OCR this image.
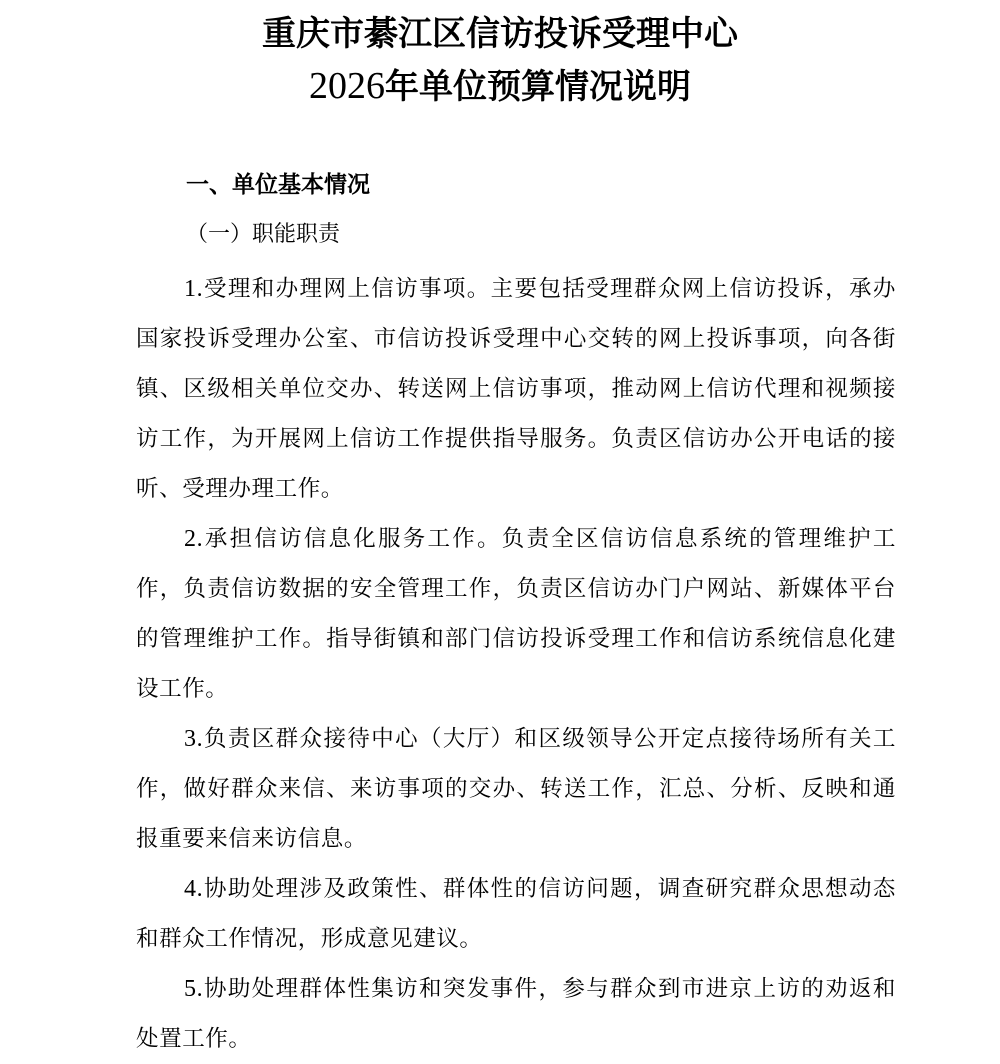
重庆市綦江区信访投诉受理中心
2026年单位预算情况说明
一、单位基本情况
（一）职能职责

1.受理和办理网上信访事项。主要包括受理群众网上信访投诉，承办国家投诉受理办公室、市信访投诉受理中心交转的网上投诉事项，向各街镇、区级相关单位交办、转送网上信访事项，推动网上信访代理和视频接访工作，为开展网上信访工作提供指导服务。负责区信访办公开电话的接听、受理办理工作。

2.承担信访信息化服务工作。负责全区信访信息系统的管理维护工作，负责信访数据的安全管理工作，负责区信访办门户网站、新媒体平台的管理维护工作。指导街镇和部门信访投诉受理工作和信访系统信息化建设工作。

3.负责区群众接待中心（大厅）和区级领导公开定点接待场所有关工作，做好群众来信、来访事项的交办、转送工作，汇总、分析、反映和通报重要来信来访信息。

4.协助处理涉及政策性、群体性的信访问题，调查研究群众思想动态和群众工作情况，形成意见建议。

5.协助处理群体性集访和突发事件，参与群众到市进京上访的劝返和处置工作。
